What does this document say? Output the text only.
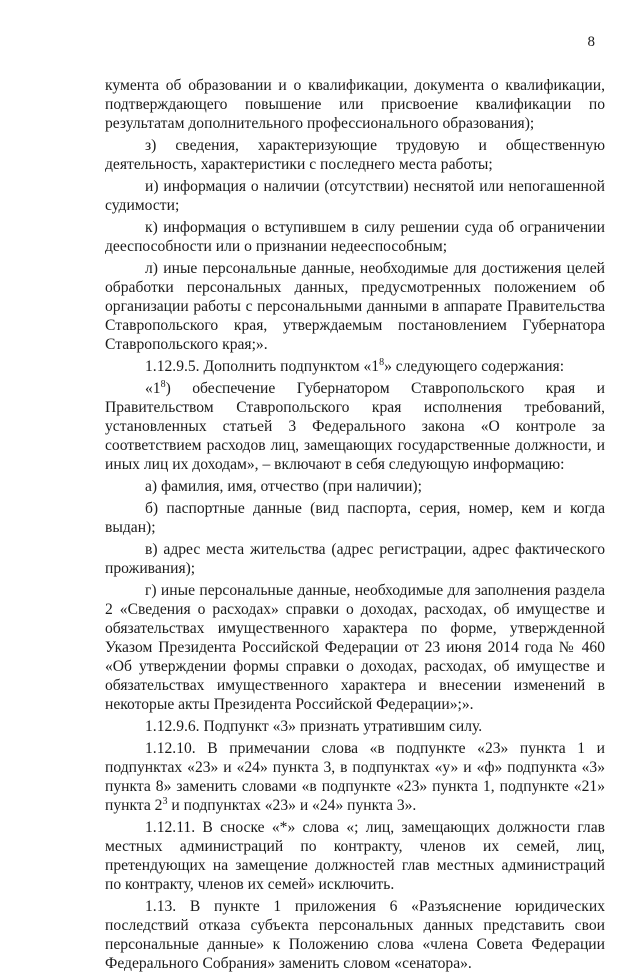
8

кумента об образовании и о квалификации, документа о квалификации, подтверждающего повышение или присвоение квалификации по результатам дополнительного профессионального образования);

з) сведения, характеризующие трудовую и общественную деятельность, характеристики с последнего места работы;

и) информация о наличии (отсутствии) неснятой или непогашенной судимости;

к) информация о вступившем в силу решении суда об ограничении дееспособности или о признании недееспособным;

л) иные персональные данные, необходимые для достижения целей обработки персональных данных, предусмотренных положением об организации работы с персональными данными в аппарате Правительства Ставропольского края, утверждаемым постановлением Губернатора Ставропольского края;».

1.12.9.5. Дополнить подпунктом «$1^8$» следующего содержания:

«$1^8$) обеспечение Губернатором Ставропольского края и Правительством Ставропольского края исполнения требований, установленных статьей 3 Федерального закона «О контроле за соответствием расходов лиц, замещающих государственные должности, и иных лиц их доходам», – включают в себя следующую информацию:

а) фамилия, имя, отчество (при наличии);

б) паспортные данные (вид паспорта, серия, номер, кем и когда выдан);

в) адрес места жительства (адрес регистрации, адрес фактического проживания);

г) иные персональные данные, необходимые для заполнения раздела 2 «Сведения о расходах» справки о доходах, расходах, об имуществе и обязательствах имущественного характера по форме, утвержденной Указом Президента Российской Федерации от 23 июня 2014 года № 460 «Об утверждении формы справки о доходах, расходах, об имуществе и обязательствах имущественного характера и внесении изменений в некоторые акты Президента Российской Федерации»;».

1.12.9.6. Подпункт «3» признать утратившим силу.

1.12.10. В примечании слова «в подпункте «23» пункта 1 и подпунктах «23» и «24» пункта 3, в подпунктах «у» и «ф» подпункта «3» пункта 8» заменить словами «в подпункте «23» пункта 1, подпункте «21» пункта $2^3$ и подпунктах «23» и «24» пункта 3».

1.12.11. В сноске «*» слова «; лиц, замещающих должности глав местных администраций по контракту, членов их семей, лиц, претендующих на замещение должностей глав местных администраций по контракту, членов их семей» исключить.

1.13. В пункте 1 приложения 6 «Разъяснение юридических последствий отказа субъекта персональных данных представить свои персональные данные» к Положению слова «члена Совета Федерации Федерального Собрания» заменить словом «сенатора».
